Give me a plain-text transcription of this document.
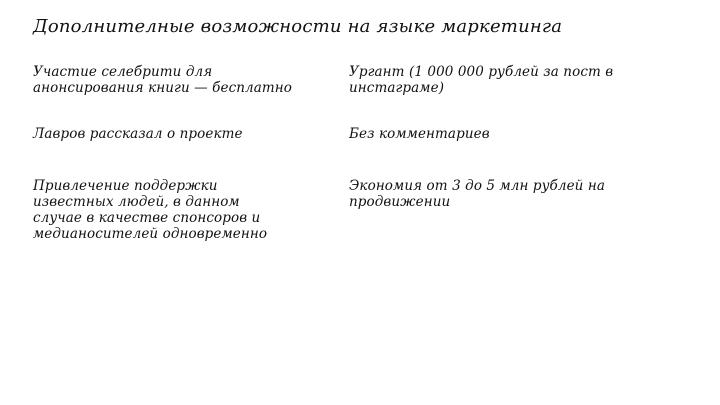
Дополнителные возможности на языке маркетинга
Участие селебрити для анонсирования книги — бесплатно
Ургант (1 000 000 рублей за пост в инстаграме)
Лавров рассказал о проекте	Без комментариев
Привлечение поддержки известных людей, в данном случае в качестве спонсоров и медианосителей одновременно
Экономия от 3 до 5 млн рублей на продвижении
